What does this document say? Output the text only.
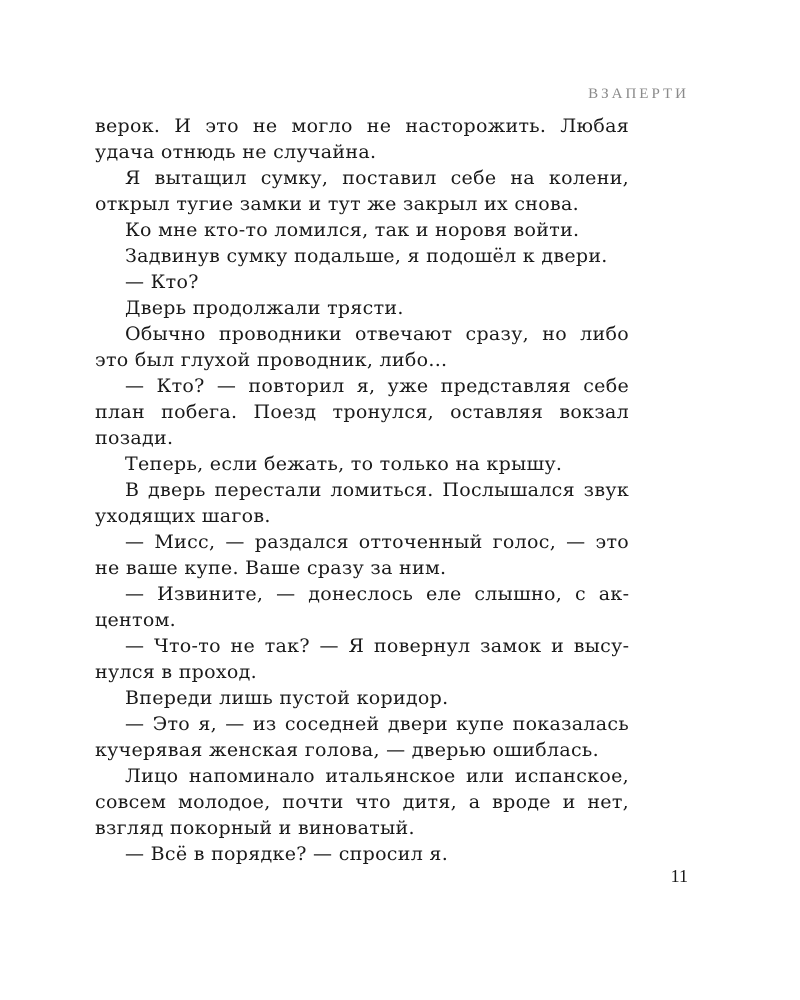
ВЗАПЕРТИ

верок. И это не могло не насторожить. Любая удача отнюдь не случайна.

Я вытащил сумку, поставил себе на колени, открыл тугие замки и тут же закрыл их снова.

Ко мне кто-то ломился, так и норовя войти.

Задвинув сумку подальше, я подошёл к двери.

— Кто?

Дверь продолжали трясти.

Обычно проводники отвечают сразу, но либо это был глухой проводник, либо...

— Кто? — повторил я, уже представляя себе план побега. Поезд тронулся, оставляя вокзал позади.

Теперь, если бежать, то только на крышу.

В дверь перестали ломиться. Послышался звук уходящих шагов.

— Мисс, — раздался отточенный голос, — это не ваше купе. Ваше сразу за ним.

— Извините, — донеслось еле слышно, с акцентом.

— Что-то не так? — Я повернул замок и высунулся в проход.

Впереди лишь пустой коридор.

— Это я, — из соседней двери купе показалась кучерявая женская голова, — дверью ошиблась.

Лицо напоминало итальянское или испанское, совсем молодое, почти что дитя, а вроде и нет, взгляд покорный и виноватый.

— Всё в порядке? — спросил я.

11
